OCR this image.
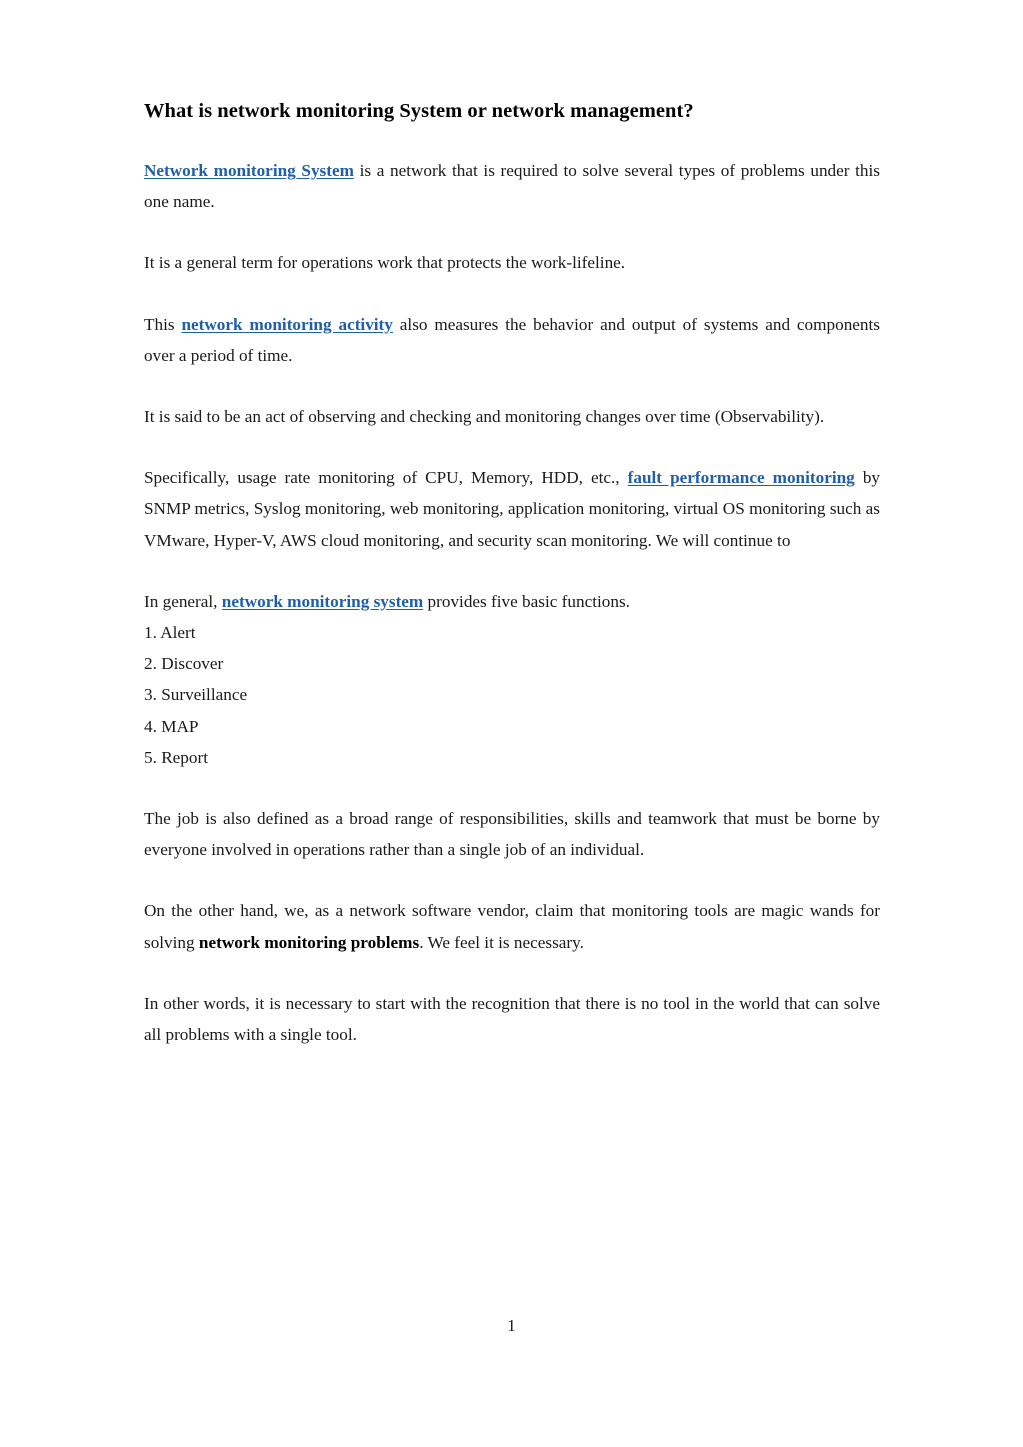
What is network monitoring System or network management?

Network monitoring System is a network that is required to solve several types of problems under this one name.

It is a general term for operations work that protects the work-lifeline.

This network monitoring activity also measures the behavior and output of systems and components over a period of time.

It is said to be an act of observing and checking and monitoring changes over time (Observability).

Specifically, usage rate monitoring of CPU, Memory, HDD, etc., fault performance monitoring by SNMP metrics, Syslog monitoring, web monitoring, application monitoring, virtual OS monitoring such as VMware, Hyper-V, AWS cloud monitoring, and security scan monitoring. We will continue to

In general, network monitoring system provides five basic functions.

1. Alert
2. Discover
3. Surveillance
4. MAP
5. Report

The job is also defined as a broad range of responsibilities, skills and teamwork that must be borne by everyone involved in operations rather than a single job of an individual.

On the other hand, we, as a network software vendor, claim that monitoring tools are magic wands for solving network monitoring problems. We feel it is necessary.

In other words, it is necessary to start with the recognition that there is no tool in the world that can solve all problems with a single tool.

1
